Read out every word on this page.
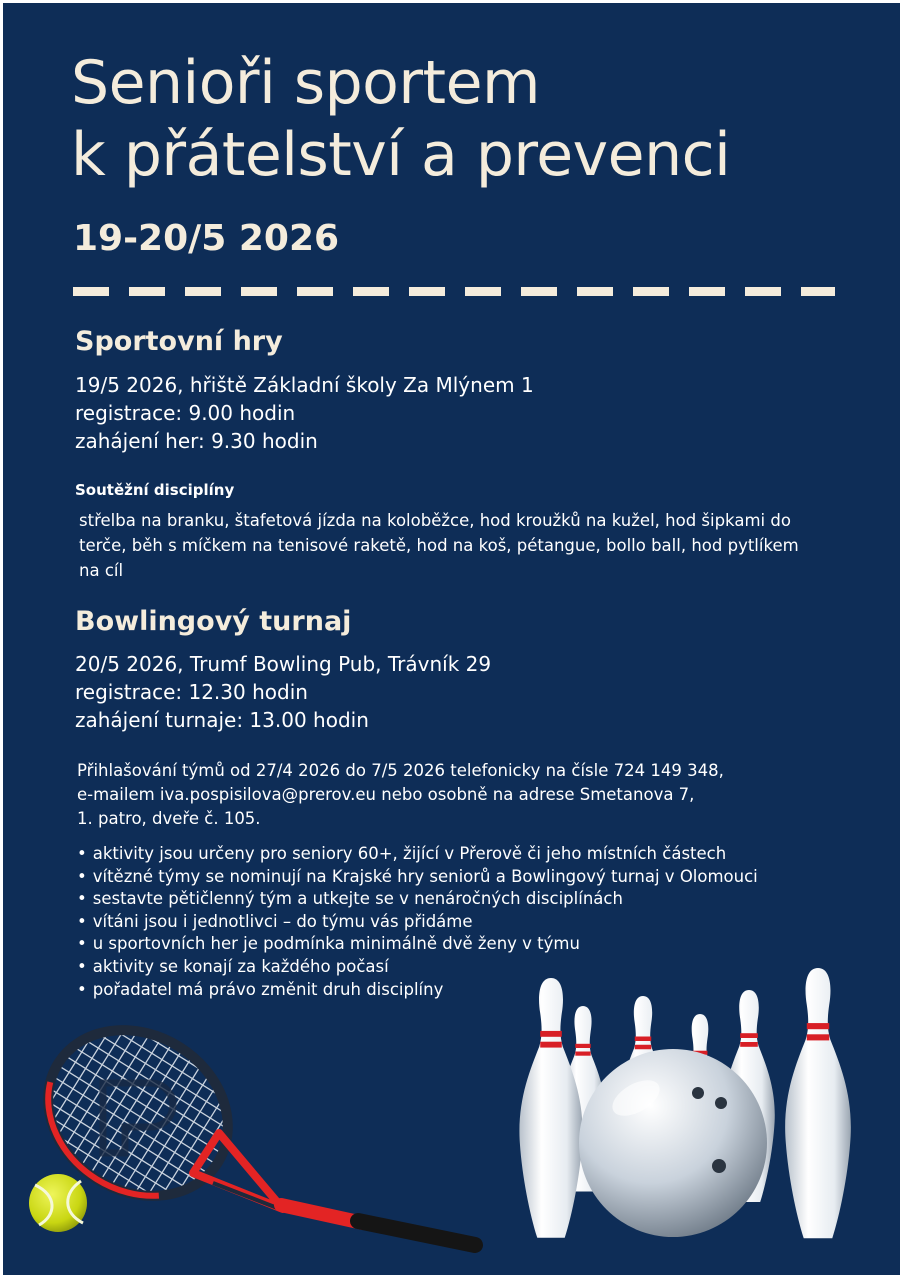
Senioři sportem
k přátelství a prevenci
19-20/5 2026
Sportovní hry
19/5 2026, hřiště Základní školy Za Mlýnem 1
registrace: 9.00 hodin
zahájení her: 9.30 hodin
Soutěžní disciplíny
střelba na branku, štafetová jízda na koloběžce, hod kroužků na kužel, hod šipkami do terče, běh s míčkem na tenisové raketě, hod na koš, pétangue, bollo ball, hod pytlíkem na cíl
Bowlingový turnaj
20/5 2026, Trumf Bowling Pub, Trávník 29
registrace: 12.30 hodin
zahájení turnaje: 13.00 hodin
Přihlašování týmů od 27/4 2026 do 7/5 2026 telefonicky na čísle 724 149 348,
e-mailem iva.pospisilova@prerov.eu nebo osobně na adrese Smetanova 7,
1. patro, dveře č. 105.
• aktivity jsou určeny pro seniory 60+, žijící v Přerově či jeho místních částech
• vítězné týmy se nominují na Krajské hry seniorů a Bowlingový turnaj v Olomouci
• sestavte pětičlenný tým a utkejte se v nenáročných disciplínách
• vítáni jsou i jednotlivci – do týmu vás přidáme
• u sportovních her je podmínka minimálně dvě ženy v týmu
• aktivity se konají za každého počasí
• pořadatel má právo změnit druh disciplíny
